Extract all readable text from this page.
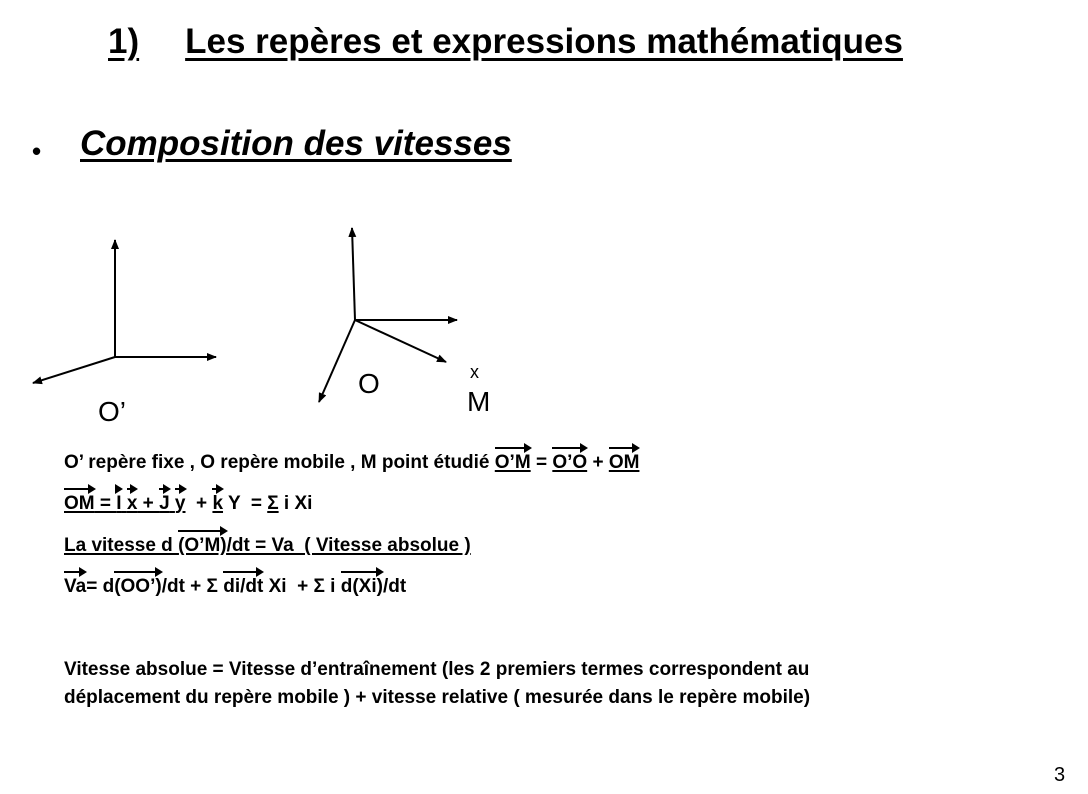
1) Les repères et expressions mathématiques
• Composition des vitesses
O’
O	x
M
O’ repère fixe , O repère mobile , M point étudié O’M = O’O + OM
OM = I x + J y  + k Y  = Σ i Xi
La vitesse d (O’M)/dt = Va  ( Vitesse absolue )
Va= d(OO’)/dt + Σ di/dt Xi  + Σ i d(Xi)/dt
Vitesse absolue = Vitesse d’entraînement (les 2 premiers termes correspondent au
déplacement du repère mobile ) + vitesse relative ( mesurée dans le repère mobile)
3
